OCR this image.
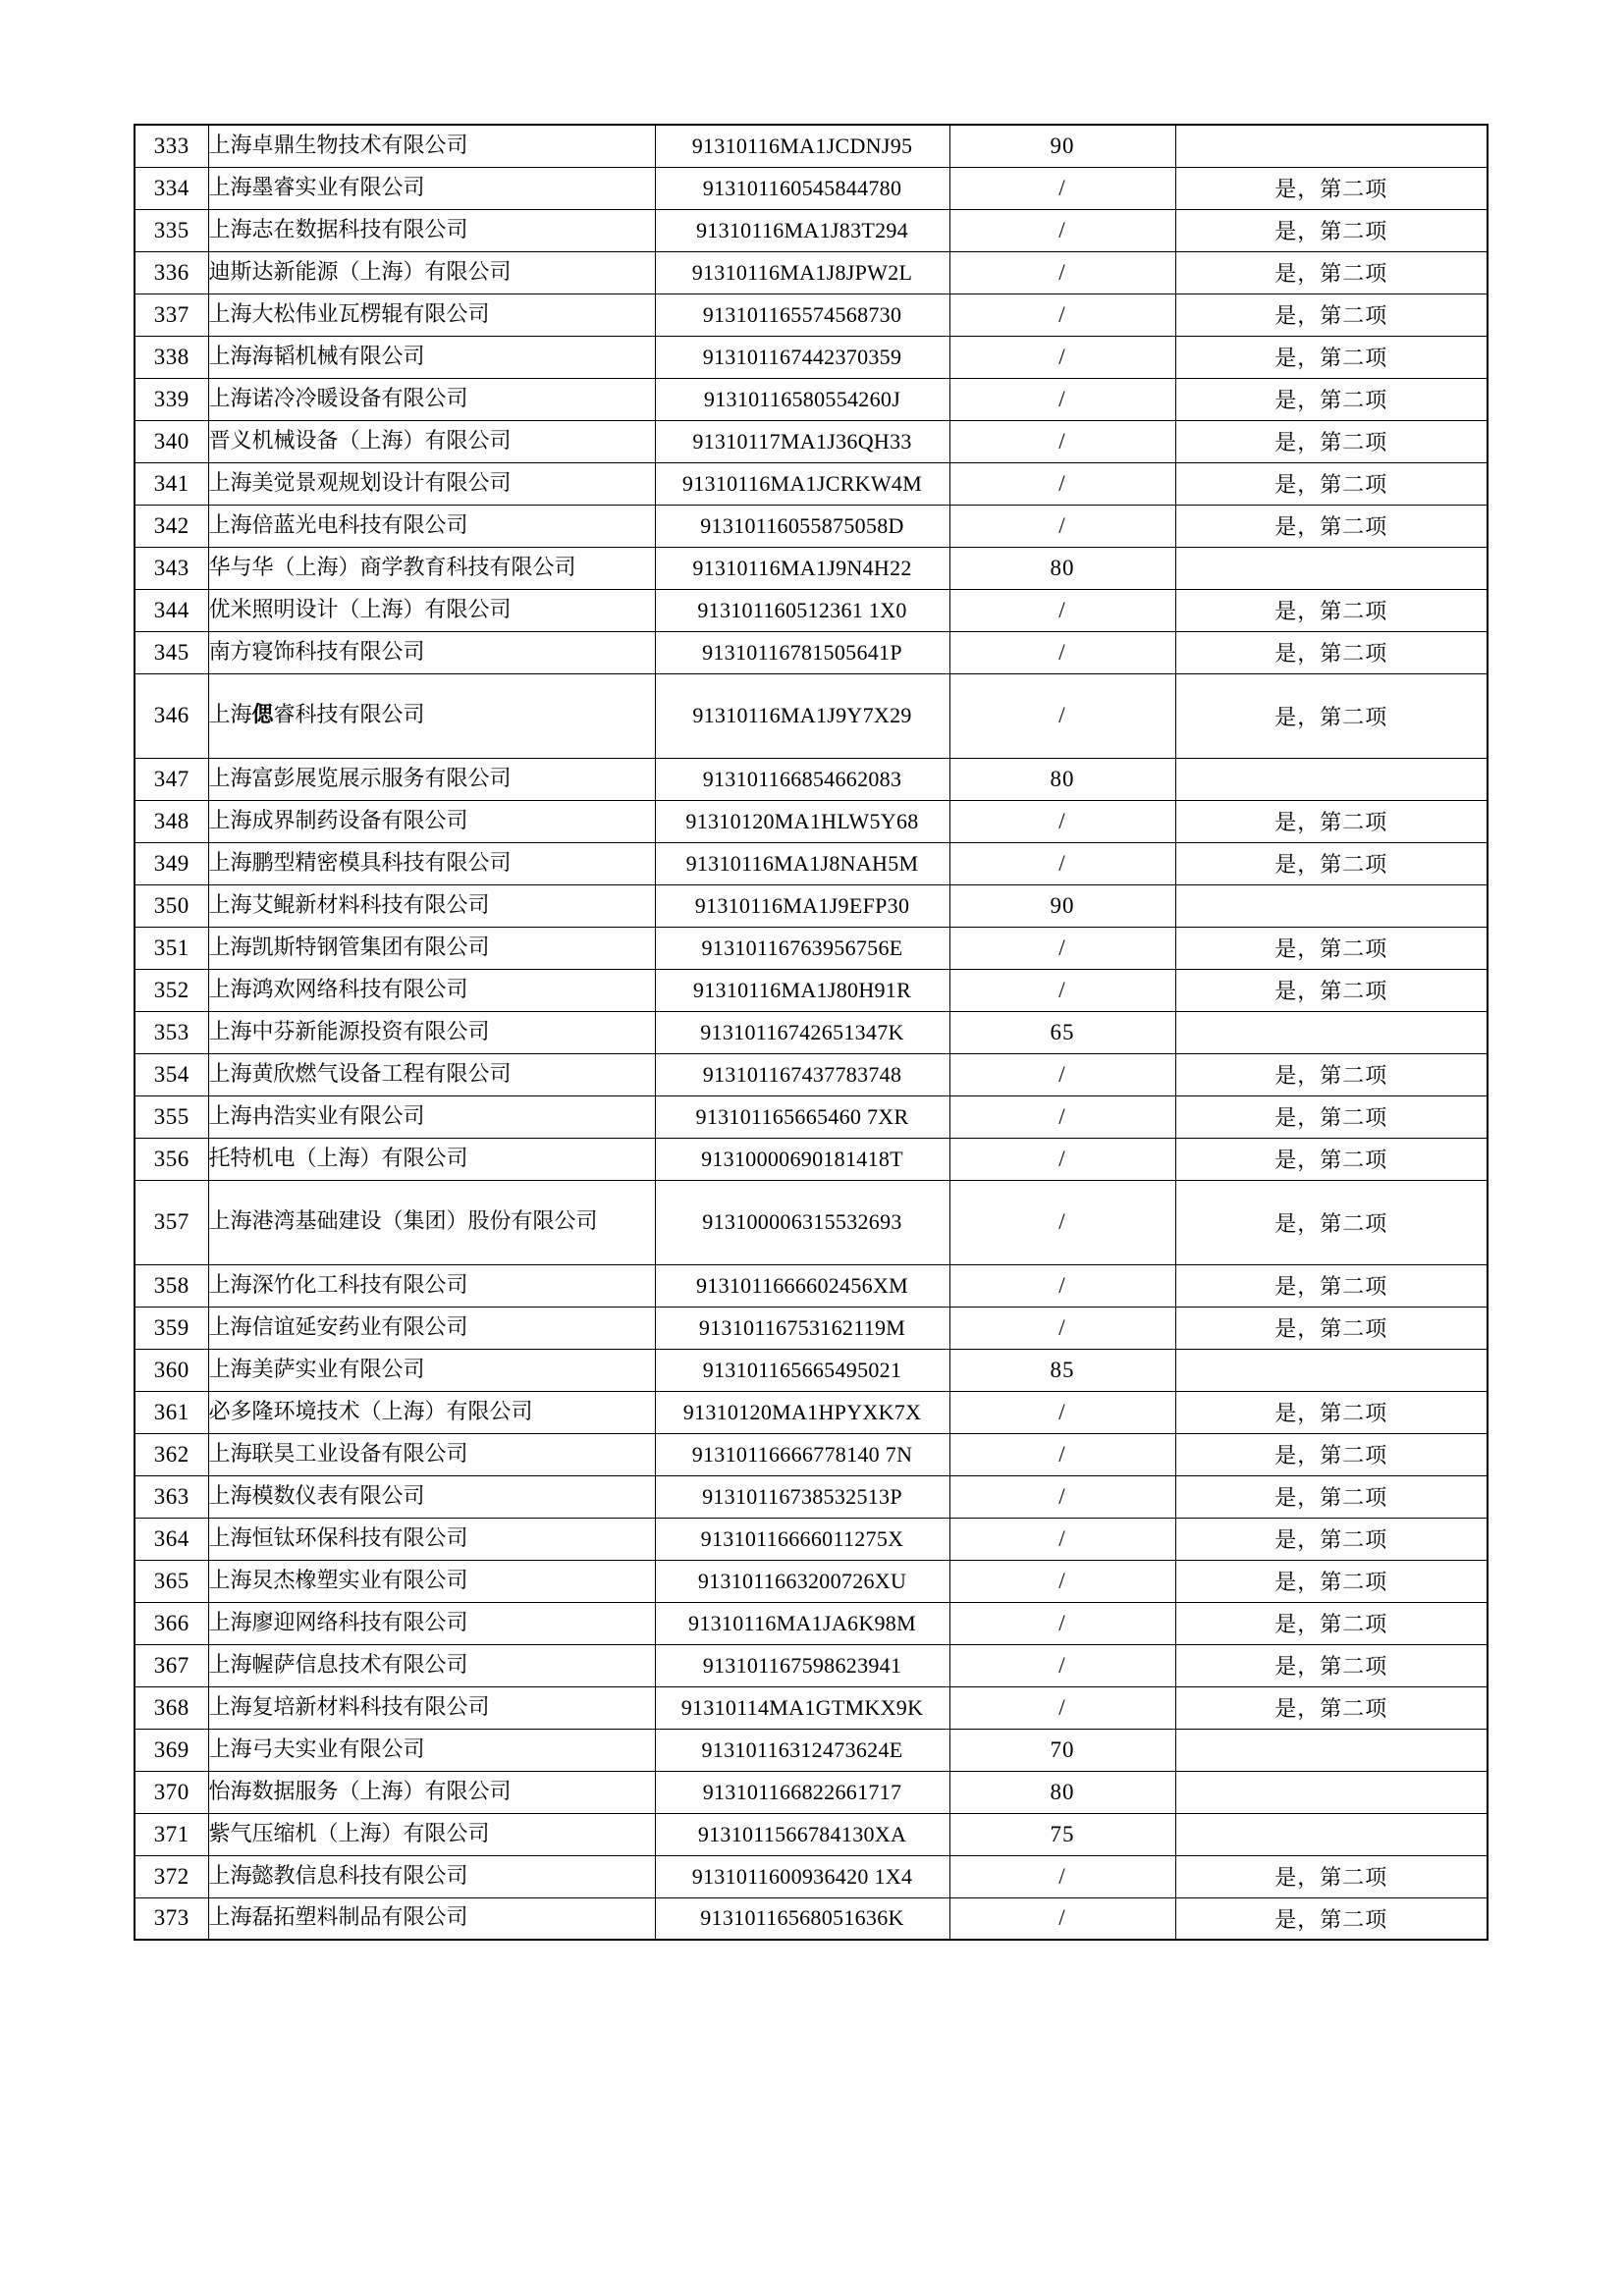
333	上海卓鼎生物技术有限公司	91310116MA1JCDNJ95	90	
334	上海墨睿实业有限公司	913101160545844780	/	是，第二项
335	上海志在数据科技有限公司	91310116MA1J83T294	/	是，第二项
336	迪斯达新能源（上海）有限公司	91310116MA1J8JPW2L	/	是，第二项
337	上海大松伟业瓦楞辊有限公司	913101165574568730	/	是，第二项
338	上海海韬机械有限公司	913101167442370359	/	是，第二项
339	上海诺冷冷暖设备有限公司	91310116580554260J	/	是，第二项
340	晋义机械设备（上海）有限公司	91310117MA1J36QH33	/	是，第二项
341	上海美觉景观规划设计有限公司	91310116MA1JCRKW4M	/	是，第二项
342	上海倍蓝光电科技有限公司	91310116055875058D	/	是，第二项
343	华与华（上海）商学教育科技有限公司	91310116MA1J9N4H22	80	
344	优米照明设计（上海）有限公司	913101160512361 1X0	/	是，第二项
345	南方寝饰科技有限公司	91310116781505641P	/	是，第二项
346	上海偲睿科技有限公司	91310116MA1J9Y7X29	/	是，第二项
347	上海富彭展览展示服务有限公司	913101166854662083	80	
348	上海成界制药设备有限公司	91310120MA1HLW5Y68	/	是，第二项
349	上海鹏型精密模具科技有限公司	91310116MA1J8NAH5M	/	是，第二项
350	上海艾鲲新材料科技有限公司	91310116MA1J9EFP30	90	
351	上海凯斯特钢管集团有限公司	91310116763956756E	/	是，第二项
352	上海鸿欢网络科技有限公司	91310116MA1J80H91R	/	是，第二项
353	上海中芬新能源投资有限公司	91310116742651347K	65	
354	上海黄欣燃气设备工程有限公司	913101167437783748	/	是，第二项
355	上海冉浩实业有限公司	913101165665460 7XR	/	是，第二项
356	托特机电（上海）有限公司	91310000690181418T	/	是，第二项
357	上海港湾基础建设（集团）股份有限公司	913100006315532693	/	是，第二项
358	上海深竹化工科技有限公司	9131011666602456XM	/	是，第二项
359	上海信谊延安药业有限公司	91310116753162119M	/	是，第二项
360	上海美萨实业有限公司	913101165665495021	85	
361	必多隆环境技术（上海）有限公司	91310120MA1HPYXK7X	/	是，第二项
362	上海联昊工业设备有限公司	91310116666778140 7N	/	是，第二项
363	上海模数仪表有限公司	91310116738532513P	/	是，第二项
364	上海恒钛环保科技有限公司	91310116666011275X	/	是，第二项
365	上海炅杰橡塑实业有限公司	9131011663200726XU	/	是，第二项
366	上海廖迎网络科技有限公司	91310116MA1JA6K98M	/	是，第二项
367	上海幄萨信息技术有限公司	913101167598623941	/	是，第二项
368	上海复培新材料科技有限公司	91310114MA1GTMKX9K	/	是，第二项
369	上海弓夫实业有限公司	91310116312473624E	70	
370	怡海数据服务（上海）有限公司	913101166822661717	80	
371	紫气压缩机（上海）有限公司	9131011566784130XA	75	
372	上海懿教信息科技有限公司	9131011600936420 1X4	/	是，第二项
373	上海磊拓塑料制品有限公司	91310116568051636K	/	是，第二项
